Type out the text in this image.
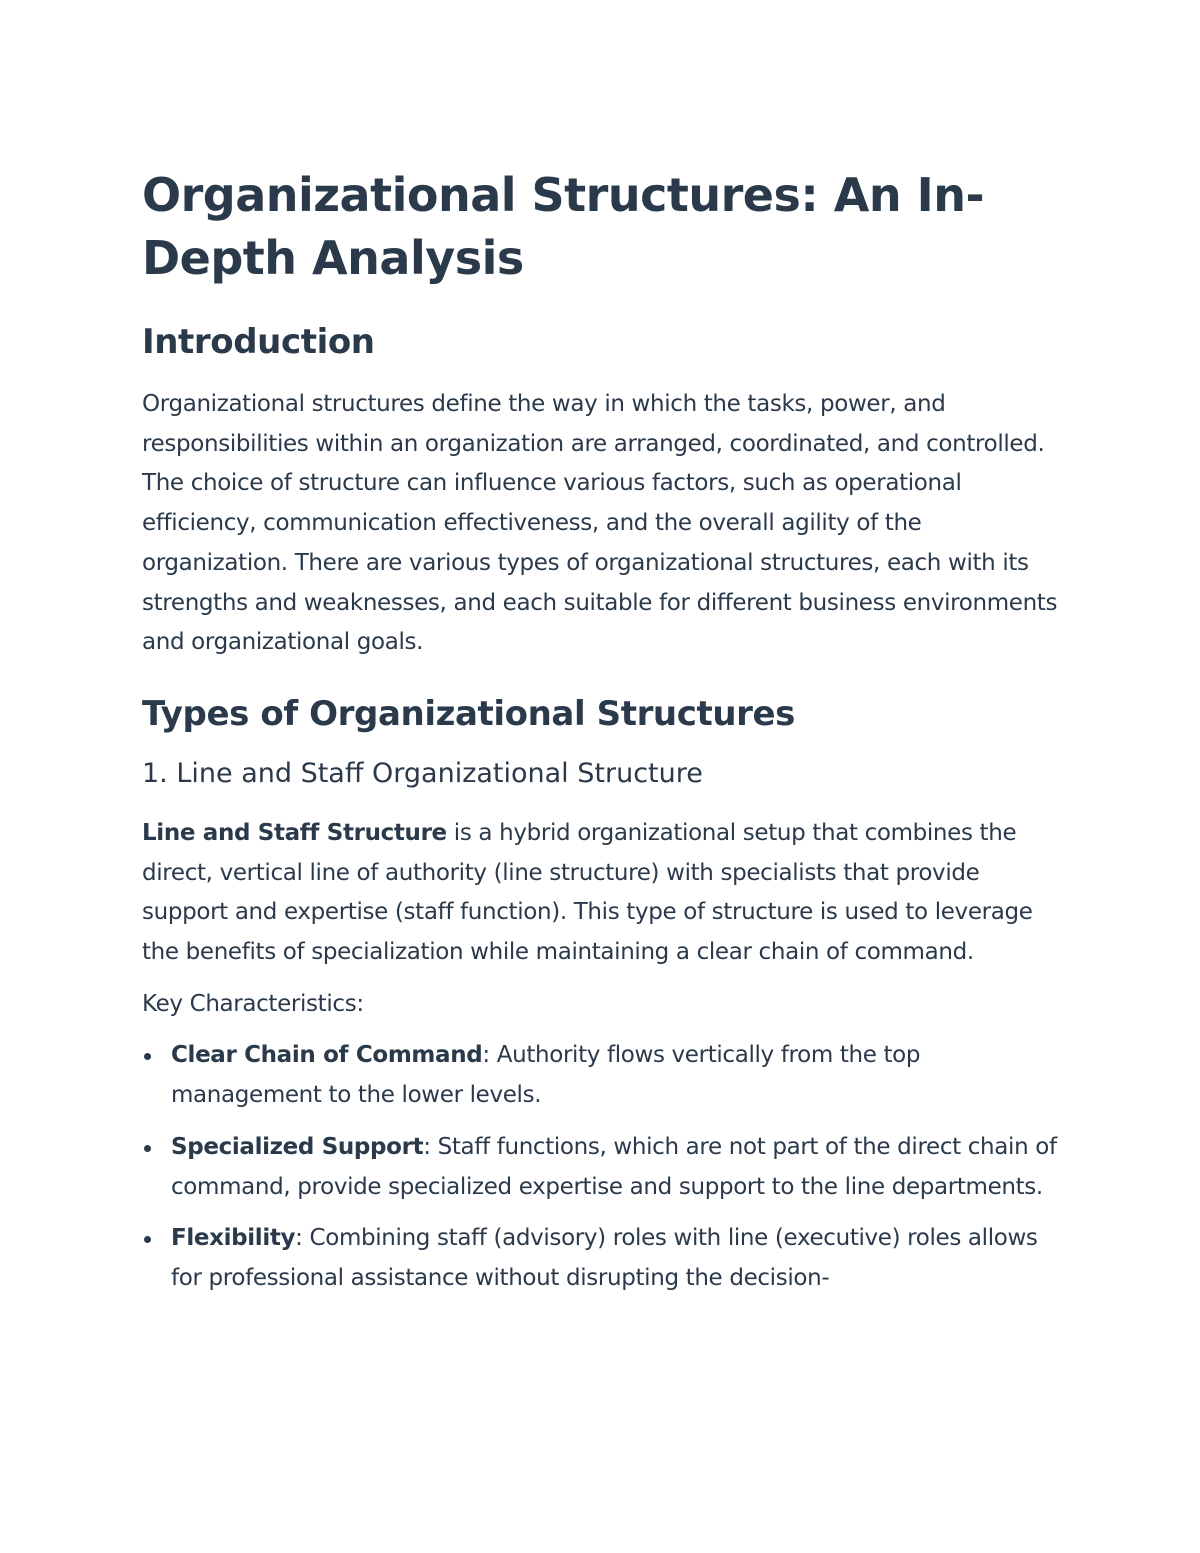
Organizational Structures: An In-Depth Analysis
Introduction

Organizational structures define the way in which the tasks, power, and responsibilities within an organization are arranged, coordinated, and controlled. The choice of structure can influence various factors, such as operational efficiency, communication effectiveness, and the overall agility of the organization. There are various types of organizational structures, each with its strengths and weaknesses, and each suitable for different business environments and organizational goals.

Types of Organizational Structures
1. Line and Staff Organizational Structure

Line and Staff Structure is a hybrid organizational setup that combines the direct, vertical line of authority (line structure) with specialists that provide support and expertise (staff function). This type of structure is used to leverage the benefits of specialization while maintaining a clear chain of command.

Key Characteristics:

Clear Chain of Command: Authority flows vertically from the top management to the lower levels.
Specialized Support: Staff functions, which are not part of the direct chain of command, provide specialized expertise and support to the line departments.
Flexibility: Combining staff (advisory) roles with line (executive) roles allows for professional assistance without disrupting the decision-
